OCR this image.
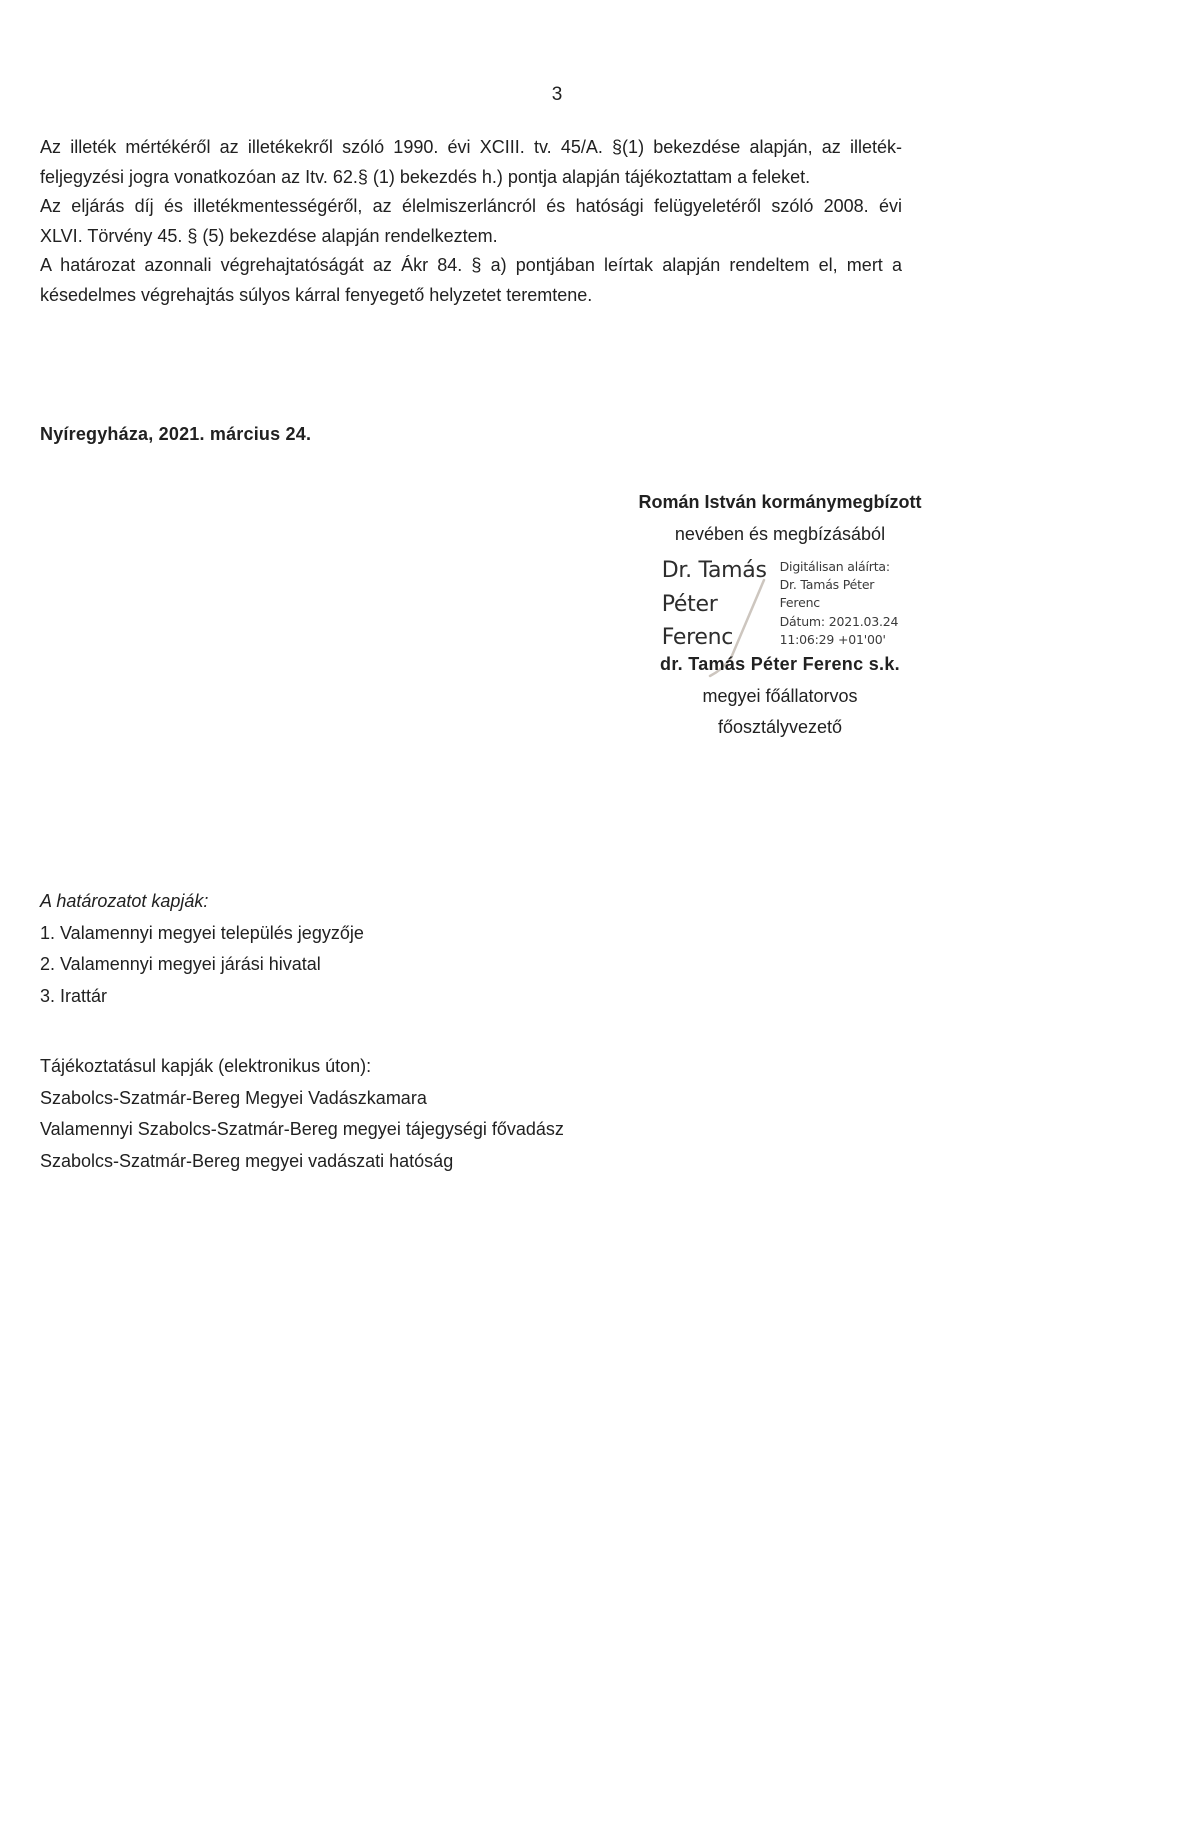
3
Az illeték mértékéről az illetékekről szóló 1990. évi XCIII. tv. 45/A. §(1) bekezdése alapján, az illeték-
feljegyzési jogra vonatkozóan az Itv. 62.§ (1) bekezdés h.) pontja alapján tájékoztattam a feleket.
Az eljárás díj és illetékmentességéről, az élelmiszerláncról és hatósági felügyeletéről szóló 2008. évi
XLVI. Törvény 45. § (5) bekezdése alapján rendelkeztem.
A határozat azonnali végrehajtatóságát az Ákr 84. § a) pontjában leírtak alapján rendeltem el, mert a
késedelmes végrehajtás súlyos kárral fenyegető helyzetet teremtene.
Nyíregyháza, 2021. március 24.
Román István kormánymegbízott
nevében és megbízásából
Dr. Tamás
Péter
Ferenc
Digitálisan aláírta:
Dr. Tamás Péter
Ferenc
Dátum: 2021.03.24
11:06:29 +01'00'
dr. Tamás Péter Ferenc s.k.
megyei főállatorvos
főosztályvezető
A határozatot kapják:
1. Valamennyi megyei település jegyzője
2. Valamennyi megyei járási hivatal
3. Irattár
Tájékoztatásul kapják (elektronikus úton):
Szabolcs-Szatmár-Bereg Megyei Vadászkamara
Valamennyi Szabolcs-Szatmár-Bereg megyei tájegységi fővadász
Szabolcs-Szatmár-Bereg megyei vadászati hatóság
